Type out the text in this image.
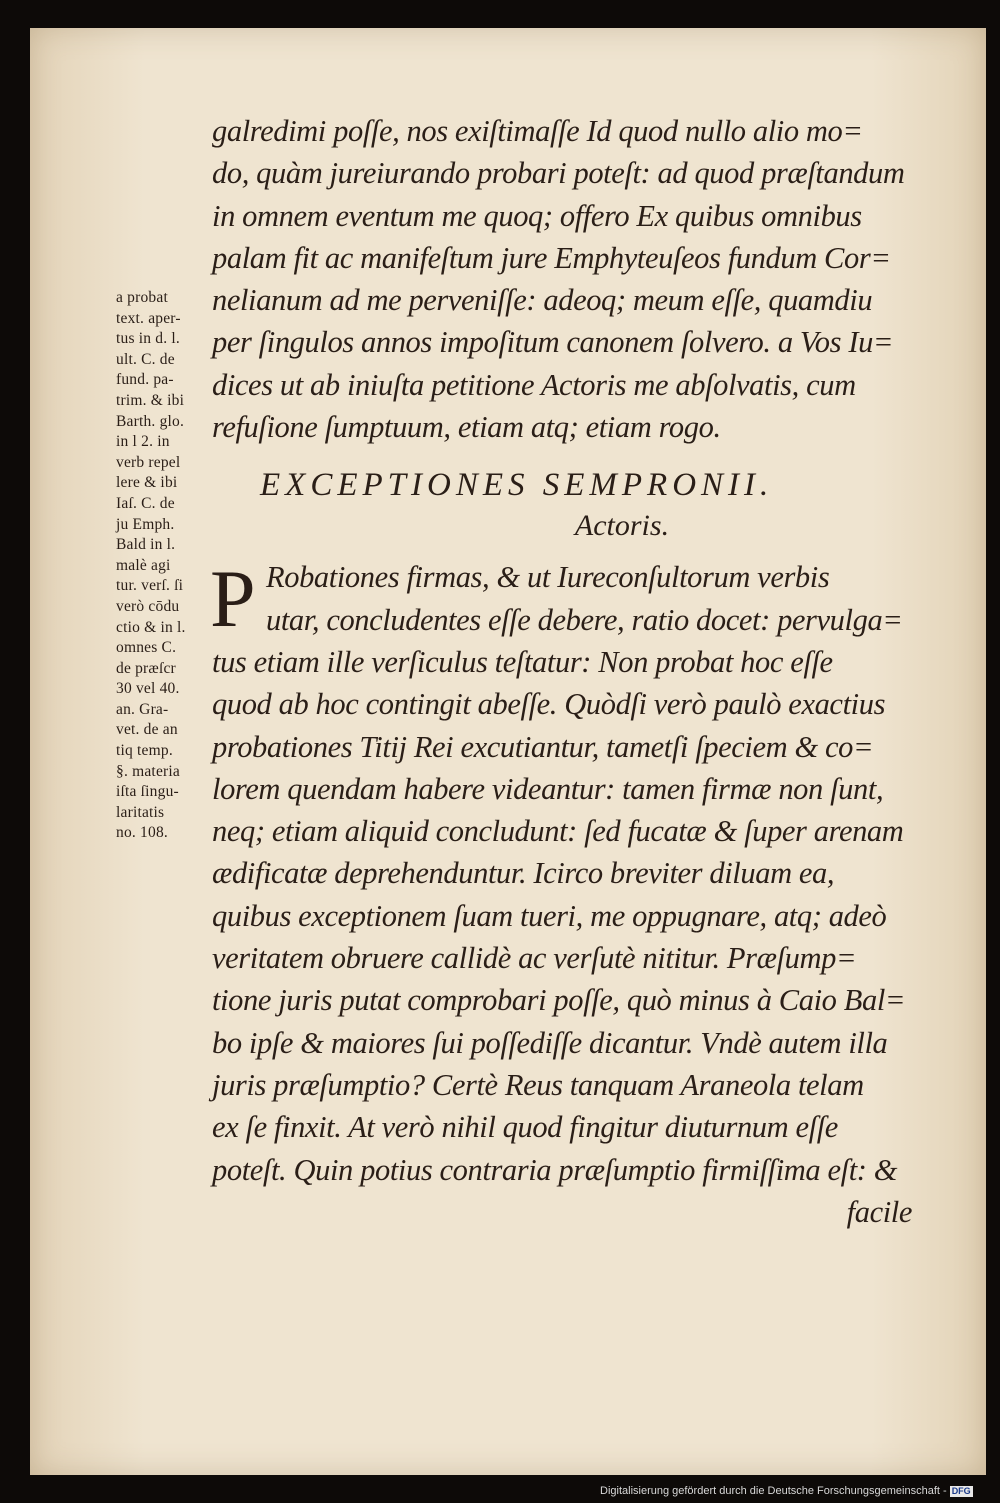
galredimi poſſe, nos exiſtimaſſe Id quod nullo alio mo=
do, quàm jureiurando probari poteſt: ad quod præſtandum
in omnem eventum me quoq; offero Ex quibus omnibus
palam fit ac manifeſtum jure Emphyteuſeos fundum Cor=
nelianum ad me perveniſſe: adeoq; meum eſſe, quamdiu
per ſingulos annos impoſitum canonem ſolvero. a Vos Iu=
dices ut ab iniuſta petitione Actoris me abſolvatis, cum
refuſione ſumptuum, etiam atq; etiam rogo.
EXCEPTIONES SEMPRONII.
Actoris.
P Robationes firmas, & ut Iureconſultorum verbis
utar, concludentes eſſe debere, ratio docet: pervulga=
tus etiam ille verſiculus teſtatur: Non probat hoc eſſe
quod ab hoc contingit abeſſe. Quòdſi verò paulò exactius
probationes Titij Rei excutiantur, tametſi ſpeciem & co=
lorem quendam habere videantur: tamen firmæ non ſunt,
neq; etiam aliquid concludunt: ſed fucatæ & ſuper arenam
ædificatæ deprehenduntur. Icirco breviter diluam ea,
quibus exceptionem ſuam tueri, me oppugnare, atq; adeò
veritatem obruere callidè ac verſutè nititur. Præſump=
tione juris putat comprobari poſſe, quò minus à Caio Bal=
bo ipſe & maiores ſui poſſediſſe dicantur. Vndè autem illa
juris præſumptio? Certè Reus tanquam Araneola telam
ex ſe finxit. At verò nihil quod fingitur diuturnum eſſe
poteſt. Quin potius contraria præſumptio firmiſſima eſt: &
facile
a probat
text. aper-
tus in d. l.
ult. C. de
fund. pa-
trim. & ibi
Barth. glo.
in l 2. in
verb repel
lere & ibi
Iaſ. C. de
ju Emph.
Bald in l.
malè agi
tur. verſ. ſi
verò cōdu
ctio & in l.
omnes C.
de præſcr
30 vel 40.
an. Gra-
vet. de an
tiq temp.
§. materia
iſta ſingu-
laritatis
no. 108.
Digitalisierung gefördert durch die Deutsche Forschungsgemeinschaft - DFG
